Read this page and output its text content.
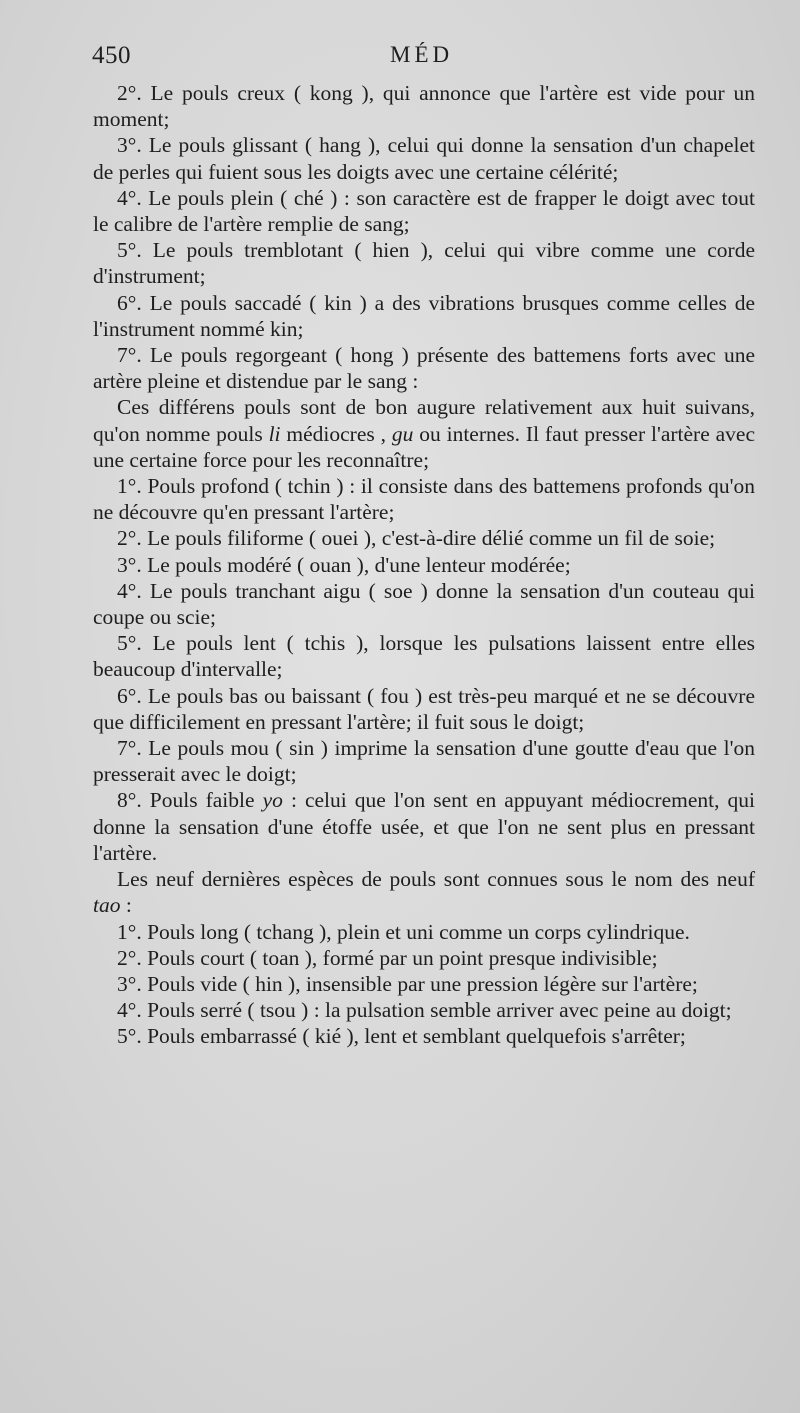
450	MÉD

2°. Le pouls creux ( kong ), qui annonce que l'artère est vide pour un moment;

3°. Le pouls glissant ( hang ), celui qui donne la sensation d'un chapelet de perles qui fuient sous les doigts avec une certaine célérité;

4°. Le pouls plein ( ché ) : son caractère est de frapper le doigt avec tout le calibre de l'artère remplie de sang;

5°. Le pouls tremblotant ( hien ), celui qui vibre comme une corde d'instrument;

6°. Le pouls saccadé ( kin ) a des vibrations brusques comme celles de l'instrument nommé kin;

7°. Le pouls regorgeant ( hong ) présente des battemens forts avec une artère pleine et distendue par le sang :

Ces différens pouls sont de bon augure relativement aux huit suivans, qu'on nomme pouls li médiocres , gu ou internes. Il faut presser l'artère avec une certaine force pour les reconnaître;

1°. Pouls profond ( tchin ) : il consiste dans des battemens profonds qu'on ne découvre qu'en pressant l'artère;

2°. Le pouls filiforme ( ouei ), c'est-à-dire délié comme un fil de soie;

3°. Le pouls modéré ( ouan ), d'une lenteur modérée;

4°. Le pouls tranchant aigu ( soe ) donne la sensation d'un couteau qui coupe ou scie;

5°. Le pouls lent ( tchis ), lorsque les pulsations laissent entre elles beaucoup d'intervalle;

6°. Le pouls bas ou baissant ( fou ) est très-peu marqué et ne se découvre que difficilement en pressant l'artère; il fuit sous le doigt;

7°. Le pouls mou ( sin ) imprime la sensation d'une goutte d'eau que l'on presserait avec le doigt;

8°. Pouls faible yo : celui que l'on sent en appuyant médiocrement, qui donne la sensation d'une étoffe usée, et que l'on ne sent plus en pressant l'artère.

Les neuf dernières espèces de pouls sont connues sous le nom des neuf tao :

1°. Pouls long ( tchang ), plein et uni comme un corps cylindrique.

2°. Pouls court ( toan ), formé par un point presque indivisible;

3°. Pouls vide ( hin ), insensible par une pression légère sur l'artère;

4°. Pouls serré ( tsou ) : la pulsation semble arriver avec peine au doigt;

5°. Pouls embarrassé ( kié ), lent et semblant quelquefois s'arrêter;
